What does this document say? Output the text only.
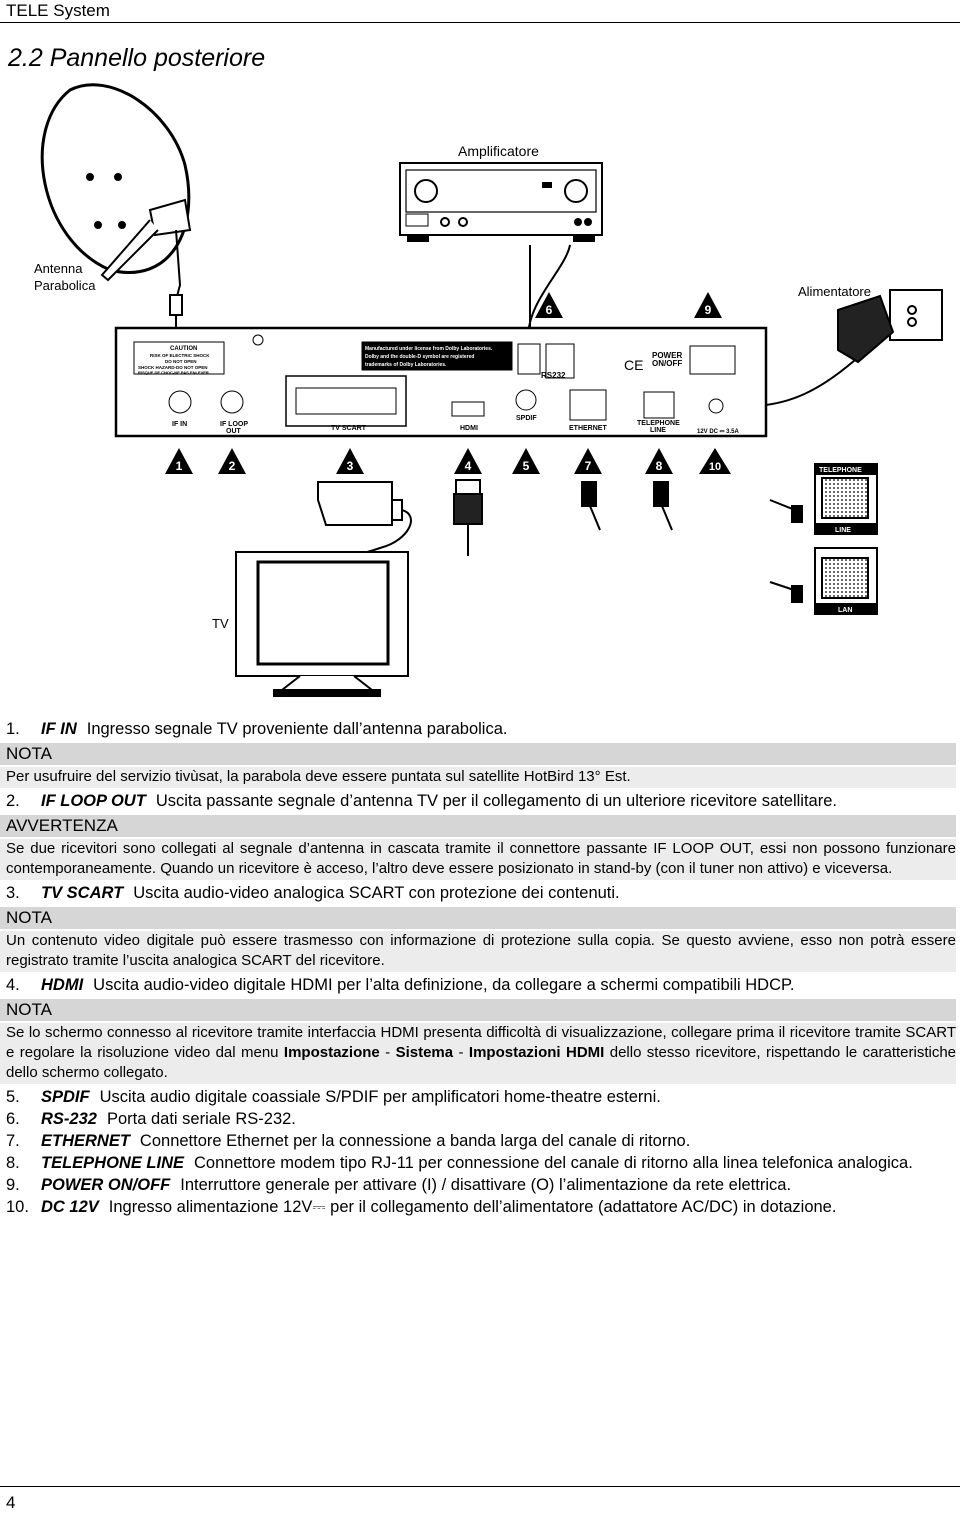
TELE System
2.2 Pannello posteriore
Antenna
Parabolica
Amplificatore
Alimentatore
6	9
CAUTION
RISK OF ELECTRIC SHOCK
DO NOT OPEN
SHOCK HAZARD-DO NOT OPEN
RISQUE DE CHOC-NE PAS ENLEVER
Manufactured under license from Dolby Laboratories.
Dolby and the double-D symbol are registered
trademarks of Dolby Laboratories.
RS232
CE
POWER
ON/OFF
IF IN	IF LOOP
OUT	TV SCART	HDMI
SPDIF
ETHERNET
TELEPHONE
LINE	12V DC ⎓ 3.5A
1	2	3	4	5	7	8	10	TELEPHONE
LINE
LAN
TV

1. IF IN Ingresso segnale TV proveniente dall’antenna parabolica.

NOTA
Per usufruire del servizio tivùsat, la parabola deve essere puntata sul satellite HotBird 13° Est.

2. IF LOOP OUT Uscita passante segnale d’antenna TV per il collegamento di un ulteriore ricevitore satellitare.

AVVERTENZA
Se due ricevitori sono collegati al segnale d’antenna in cascata tramite il connettore passante IF LOOP OUT, essi non possono funzionare contemporaneamente. Quando un ricevitore è acceso, l’altro deve essere posizionato in stand-by (con il tuner non attivo) e viceversa.

3. TV SCART Uscita audio-video analogica SCART con protezione dei contenuti.

NOTA
Un contenuto video digitale può essere trasmesso con informazione di protezione sulla copia. Se questo avviene, esso non potrà essere registrato tramite l’uscita analogica SCART del ricevitore.

4. HDMI Uscita audio-video digitale HDMI per l’alta definizione, da collegare a schermi compatibili HDCP.

NOTA
Se lo schermo connesso al ricevitore tramite interfaccia HDMI presenta difficoltà di visualizzazione, collegare prima il ricevitore tramite SCART e regolare la risoluzione video dal menu Impostazione - Sistema - Impostazioni HDMI dello stesso ricevitore, rispettando le caratteristiche dello schermo collegato.

5. SPDIF Uscita audio digitale coassiale S/PDIF per amplificatori home-theatre esterni.

6. RS-232 Porta dati seriale RS-232.

7. ETHERNET Connettore Ethernet per la connessione a banda larga del canale di ritorno.

8. TELEPHONE LINE Connettore modem tipo RJ-11 per connessione del canale di ritorno alla linea telefonica analogica.

9. POWER ON/OFF Interruttore generale per attivare (I) / disattivare (O) l’alimentazione da rete elettrica.

10. DC 12V Ingresso alimentazione 12V⎓ per il collegamento dell’alimentatore (adattatore AC/DC) in dotazione.

4
